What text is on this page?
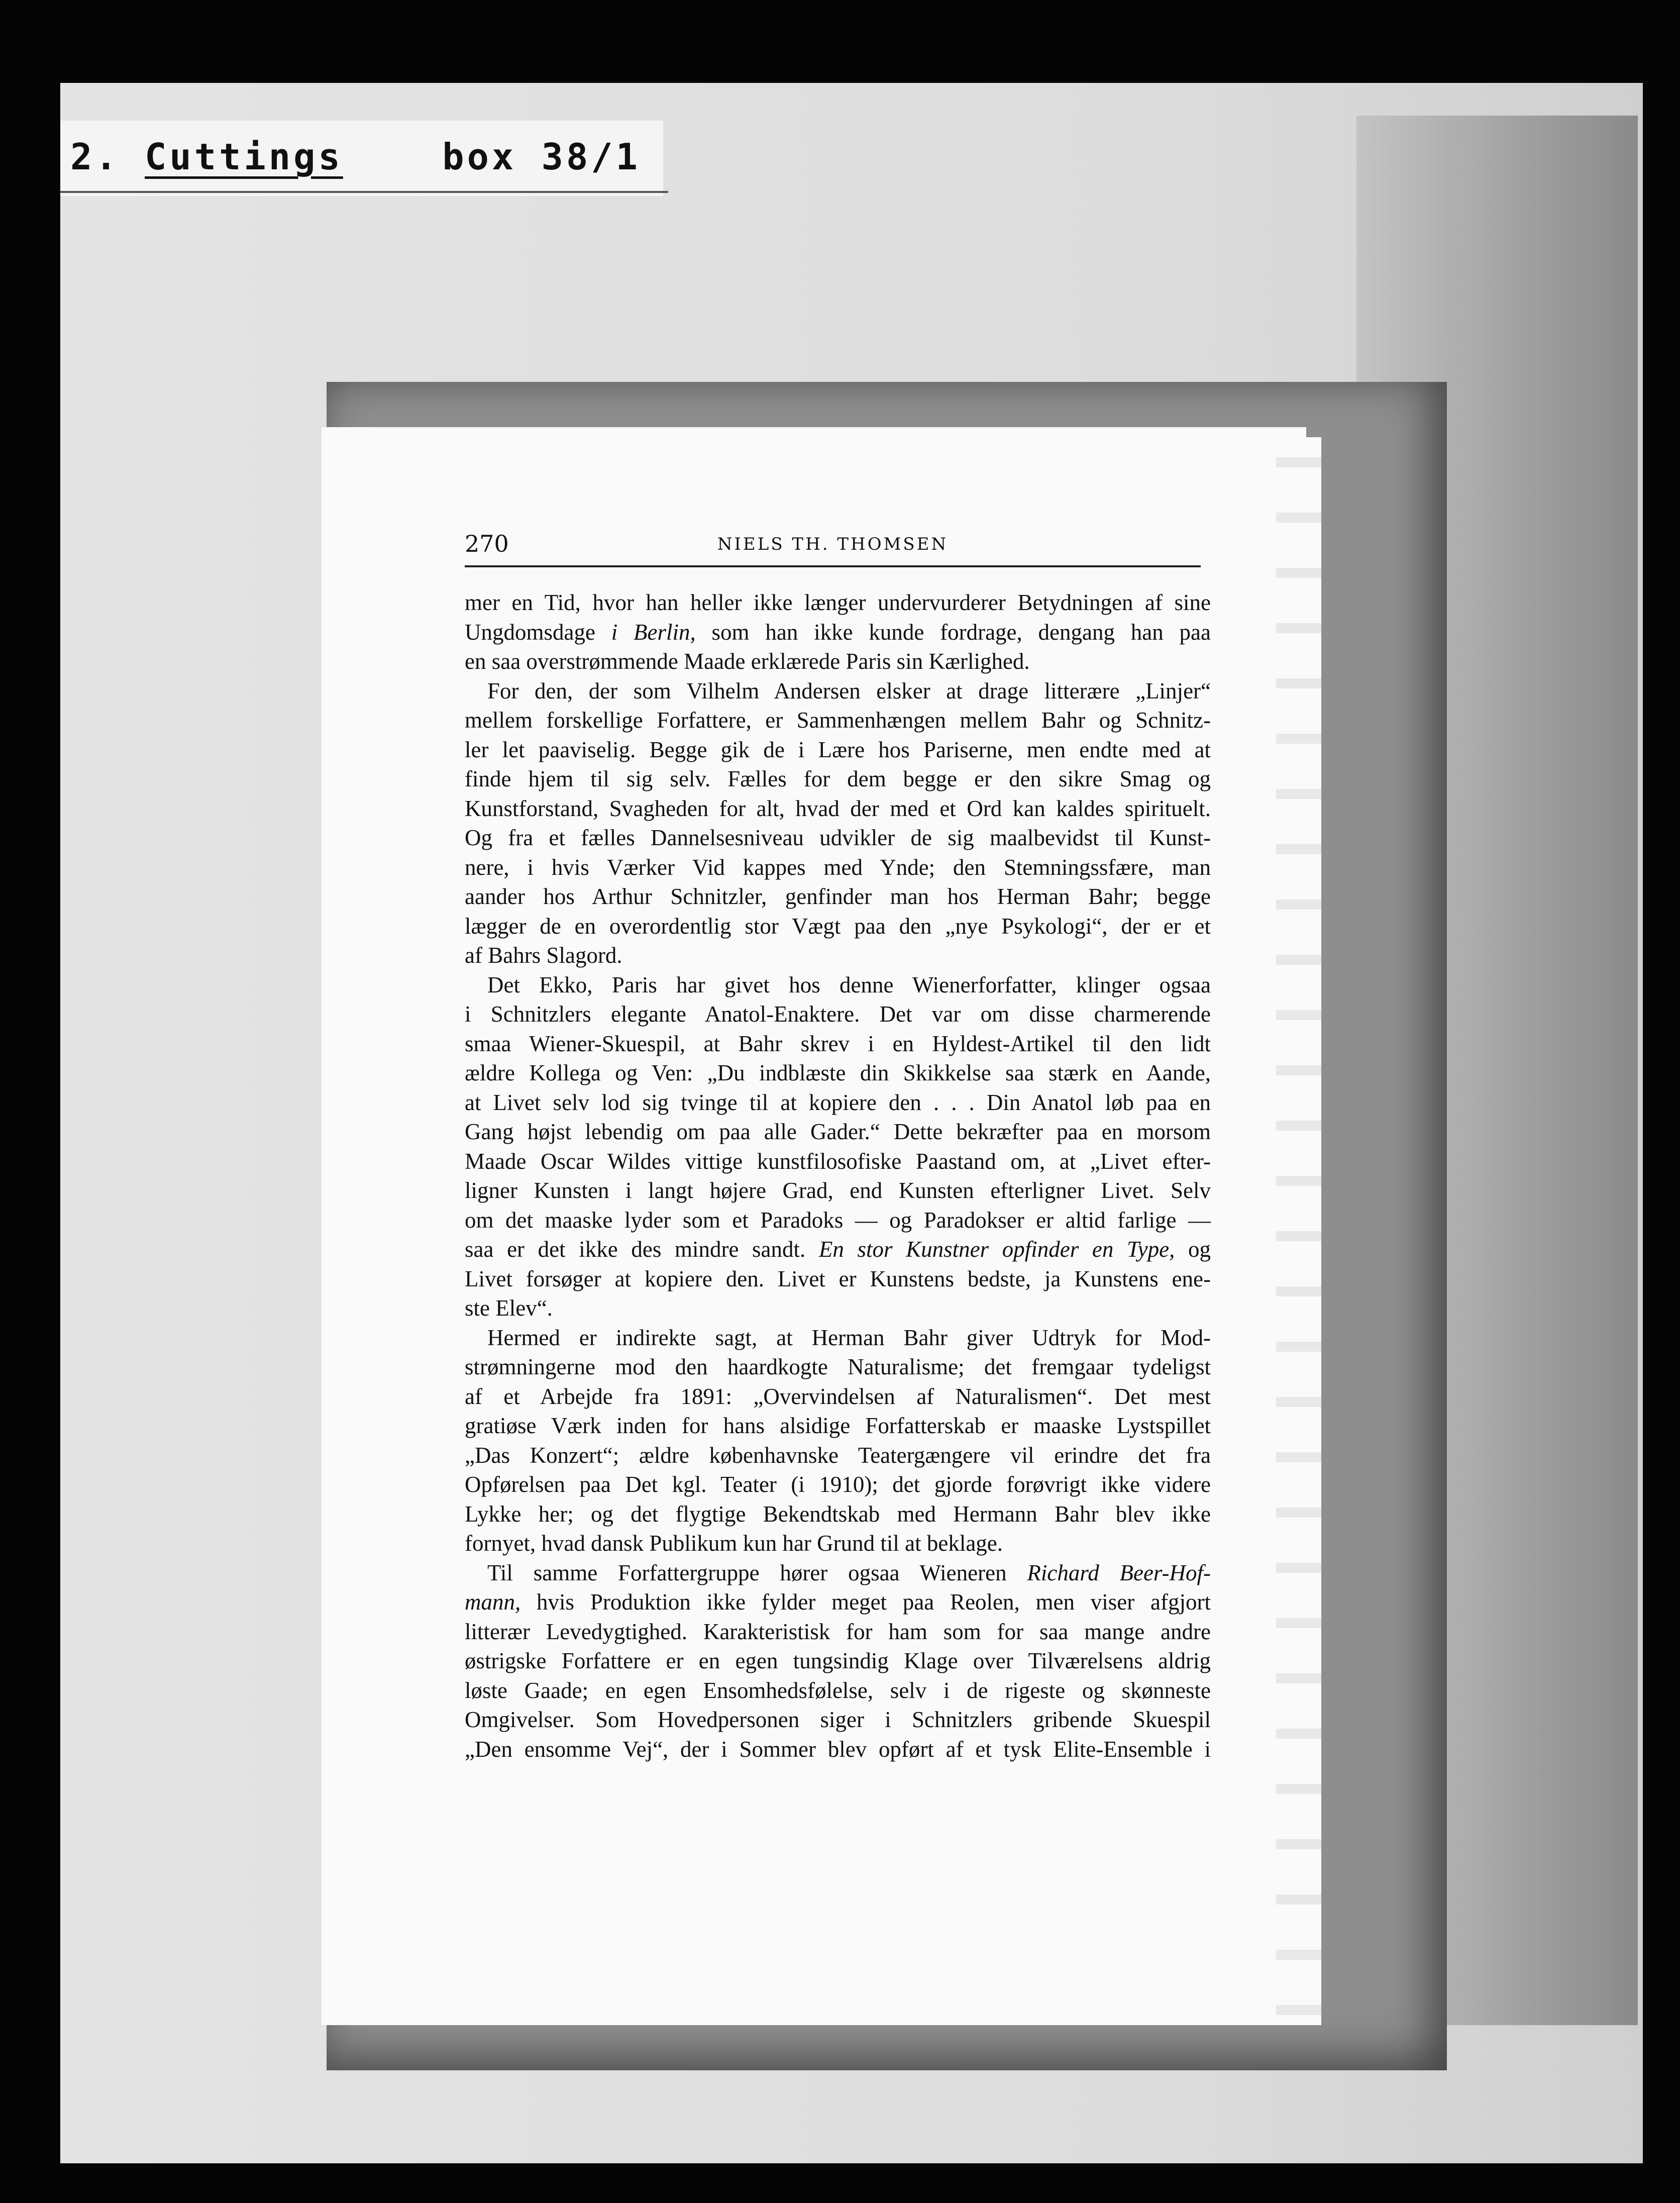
2. Cuttings	box 38/1
270	NIELS TH. THOMSEN
mer en Tid, hvor han heller ikke længer undervurderer Betydningen af sine
Ungdomsdage i Berlin, som han ikke kunde fordrage, dengang han paa
en saa overstrømmende Maade erklærede Paris sin Kærlighed.
For den, der som Vilhelm Andersen elsker at drage litterære „Linjer“
mellem forskellige Forfattere, er Sammenhængen mellem Bahr og Schnitz-
ler let paaviselig. Begge gik de i Lære hos Pariserne, men endte med at
finde hjem til sig selv. Fælles for dem begge er den sikre Smag og
Kunstforstand, Svagheden for alt, hvad der med et Ord kan kaldes spirituelt.
Og fra et fælles Dannelsesniveau udvikler de sig maalbevidst til Kunst-
nere, i hvis Værker Vid kappes med Ynde; den Stemningssfære, man
aander hos Arthur Schnitzler, genfinder man hos Herman Bahr; begge
lægger de en overordentlig stor Vægt paa den „nye Psykologi“, der er et
af Bahrs Slagord.
Det Ekko, Paris har givet hos denne Wienerforfatter, klinger ogsaa
i Schnitzlers elegante Anatol-Enaktere. Det var om disse charmerende
smaa Wiener-Skuespil, at Bahr skrev i en Hyldest-Artikel til den lidt
ældre Kollega og Ven: „Du indblæste din Skikkelse saa stærk en Aande,
at Livet selv lod sig tvinge til at kopiere den . . . Din Anatol løb paa en
Gang højst lebendig om paa alle Gader.“ Dette bekræfter paa en morsom
Maade Oscar Wildes vittige kunstfilosofiske Paastand om, at „Livet efter-
ligner Kunsten i langt højere Grad, end Kunsten efterligner Livet. Selv
om det maaske lyder som et Paradoks — og Paradokser er altid farlige —
saa er det ikke des mindre sandt. En stor Kunstner opfinder en Type, og
Livet forsøger at kopiere den. Livet er Kunstens bedste, ja Kunstens ene-
ste Elev“.
Hermed er indirekte sagt, at Herman Bahr giver Udtryk for Mod-
strømningerne mod den haardkogte Naturalisme; det fremgaar tydeligst
af et Arbejde fra 1891: „Overvindelsen af Naturalismen“. Det mest
gratiøse Værk inden for hans alsidige Forfatterskab er maaske Lystspillet
„Das Konzert“; ældre københavnske Teatergængere vil erindre det fra
Opførelsen paa Det kgl. Teater (i 1910); det gjorde forøvrigt ikke videre
Lykke her; og det flygtige Bekendtskab med Hermann Bahr blev ikke
fornyet, hvad dansk Publikum kun har Grund til at beklage.
Til samme Forfattergruppe hører ogsaa Wieneren Richard Beer-Hof-
mann, hvis Produktion ikke fylder meget paa Reolen, men viser afgjort
litterær Levedygtighed. Karakteristisk for ham som for saa mange andre
østrigske Forfattere er en egen tungsindig Klage over Tilværelsens aldrig
løste Gaade; en egen Ensomhedsfølelse, selv i de rigeste og skønneste
Omgivelser. Som Hovedpersonen siger i Schnitzlers gribende Skuespil
„Den ensomme Vej“, der i Sommer blev opført af et tysk Elite-Ensemble i
